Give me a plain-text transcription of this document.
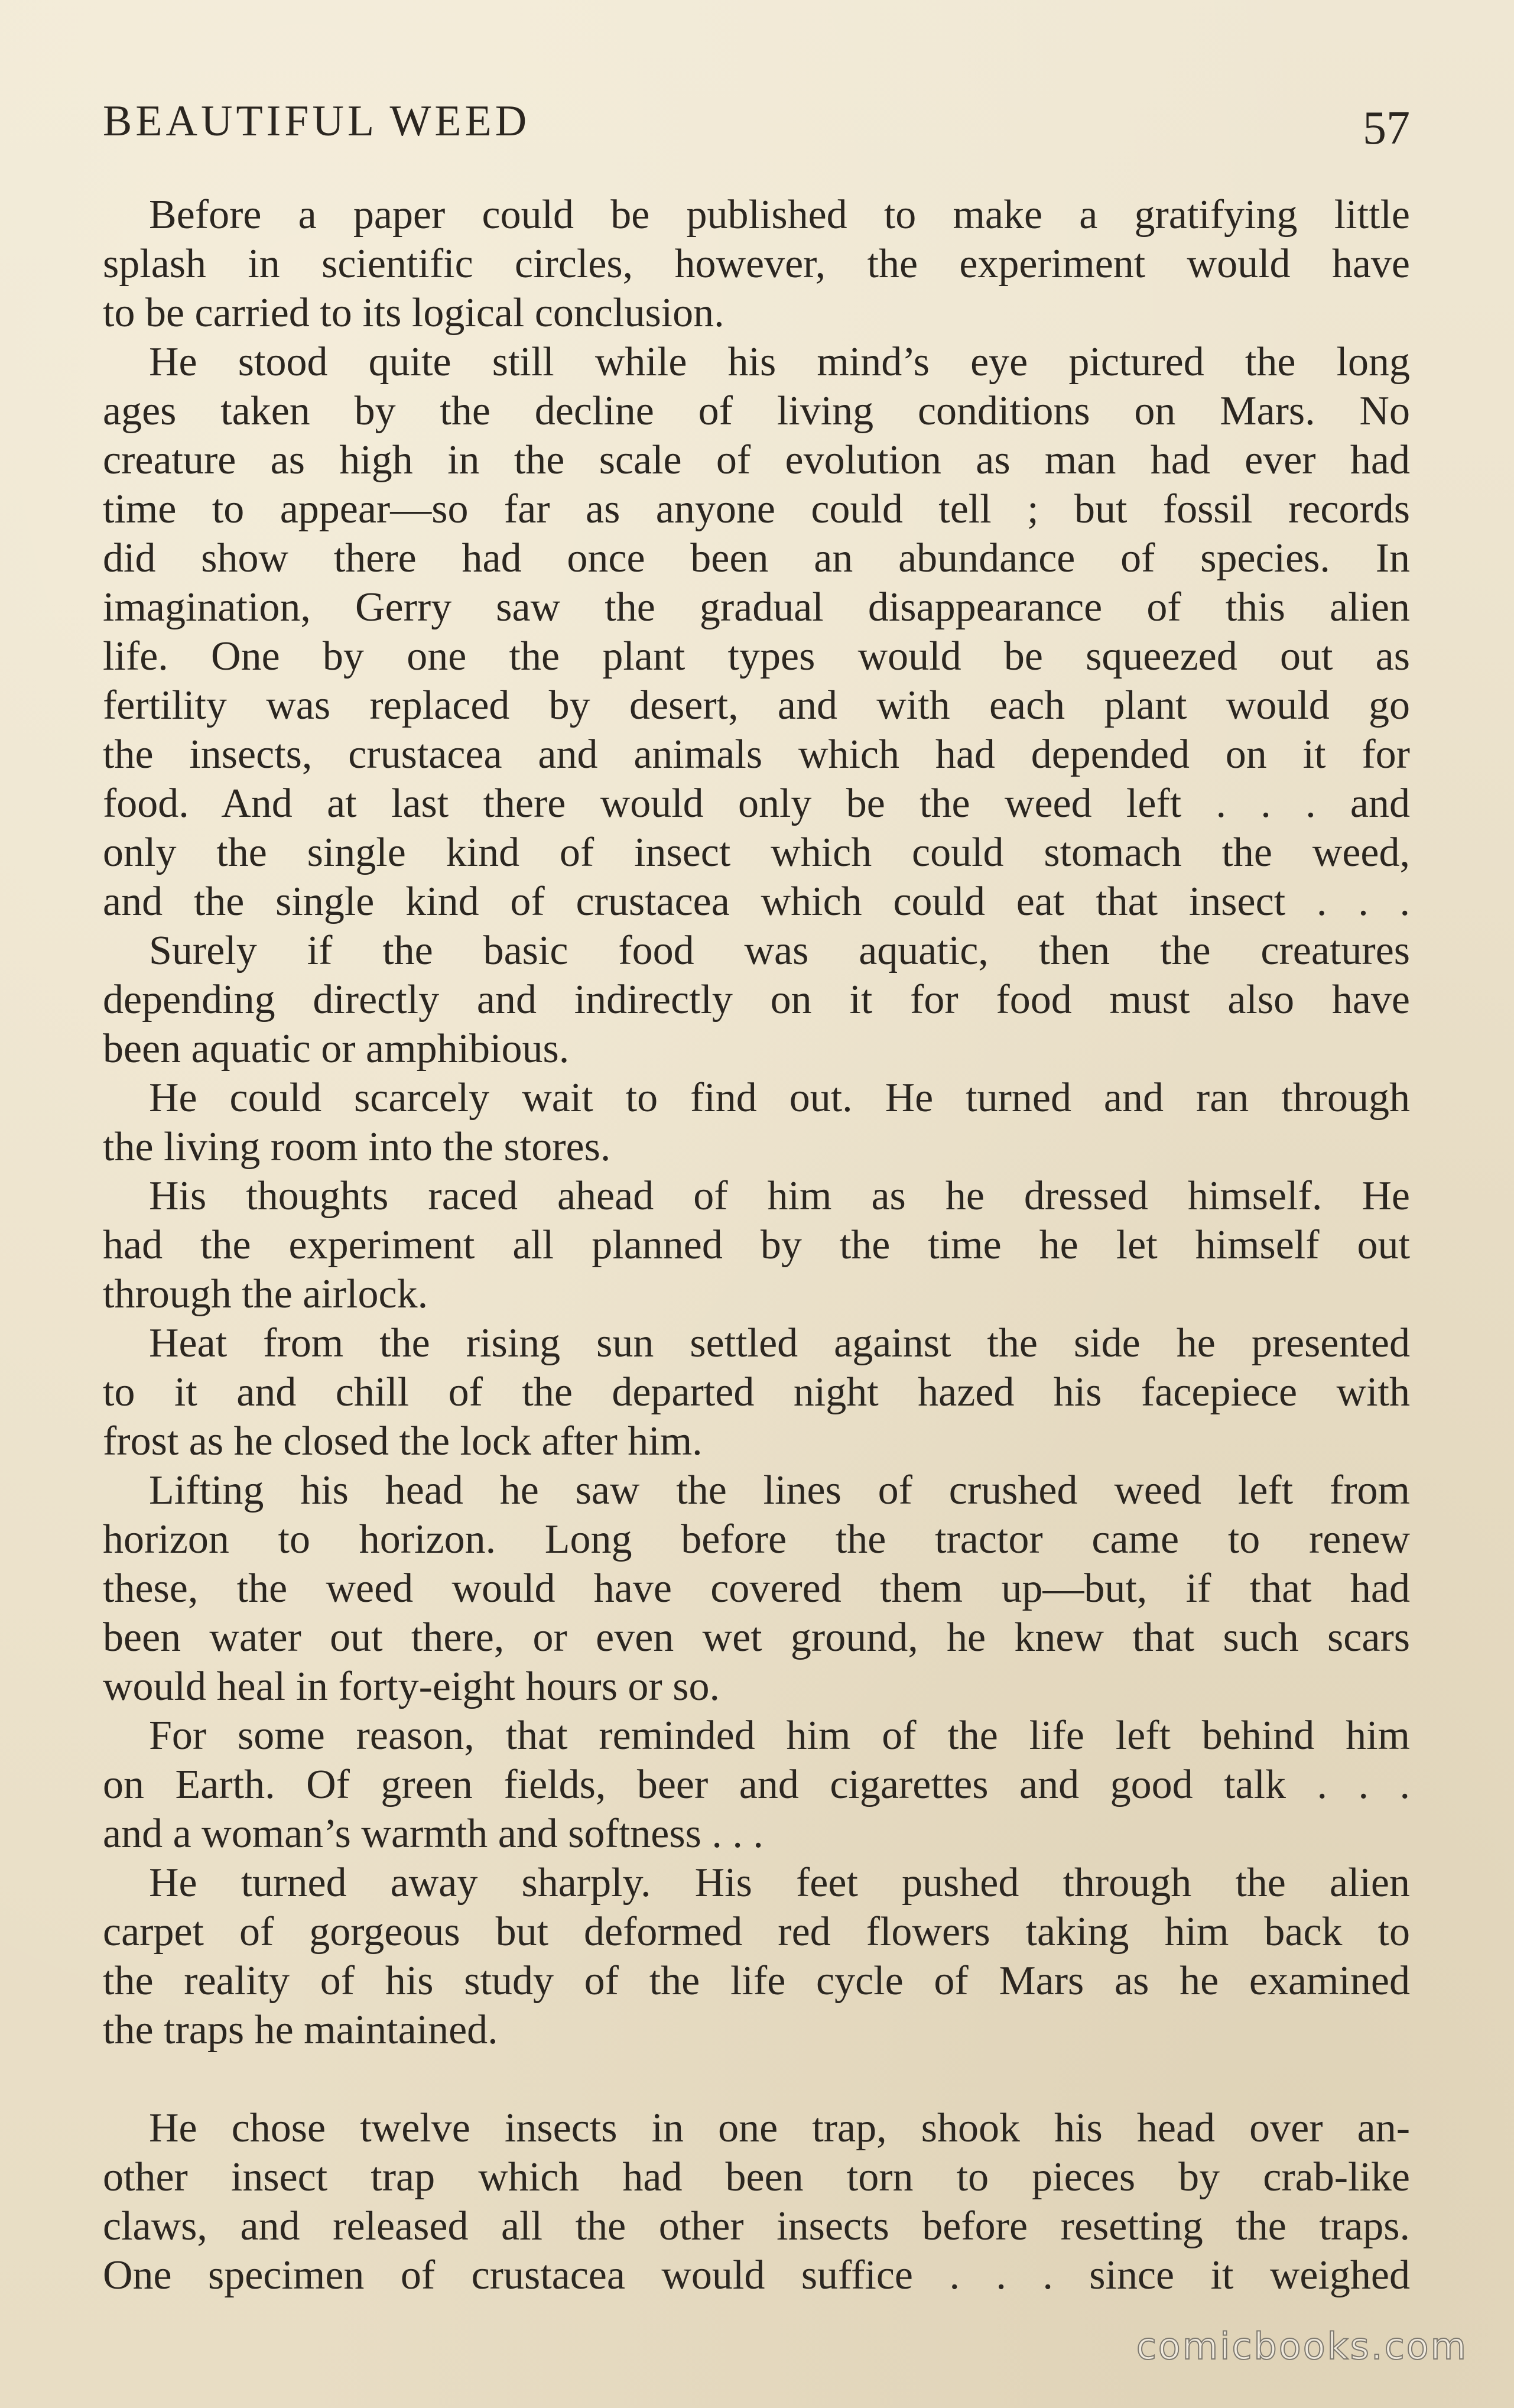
BEAUTIFUL WEED	57
Before a paper could be published to make a gratifying little
splash in scientific circles, however, the experiment would have
to be carried to its logical conclusion.
He stood quite still while his mind’s eye pictured the long
ages taken by the decline of living conditions on Mars. No
creature as high in the scale of evolution as man had ever had
time to appear—so far as anyone could tell ; but fossil records
did show there had once been an abundance of species. In
imagination, Gerry saw the gradual disappearance of this alien
life. One by one the plant types would be squeezed out as
fertility was replaced by desert, and with each plant would go
the insects, crustacea and animals which had depended on it for
food. And at last there would only be the weed left . . . and
only the single kind of insect which could stomach the weed,
and the single kind of crustacea which could eat that insect . . .
Surely if the basic food was aquatic, then the creatures
depending directly and indirectly on it for food must also have
been aquatic or amphibious.
He could scarcely wait to find out. He turned and ran through
the living room into the stores.
His thoughts raced ahead of him as he dressed himself. He
had the experiment all planned by the time he let himself out
through the airlock.
Heat from the rising sun settled against the side he presented
to it and chill of the departed night hazed his facepiece with
frost as he closed the lock after him.
Lifting his head he saw the lines of crushed weed left from
horizon to horizon. Long before the tractor came to renew
these, the weed would have covered them up—but, if that had
been water out there, or even wet ground, he knew that such scars
would heal in forty-eight hours or so.
For some reason, that reminded him of the life left behind him
on Earth. Of green fields, beer and cigarettes and good talk . . .
and a woman’s warmth and softness . . .
He turned away sharply. His feet pushed through the alien
carpet of gorgeous but deformed red flowers taking him back to
the reality of his study of the life cycle of Mars as he examined
the traps he maintained.
He chose twelve insects in one trap, shook his head over an-
other insect trap which had been torn to pieces by crab-like
claws, and released all the other insects before resetting the traps.
One specimen of crustacea would suffice . . . since it weighed
comicbooks.com
